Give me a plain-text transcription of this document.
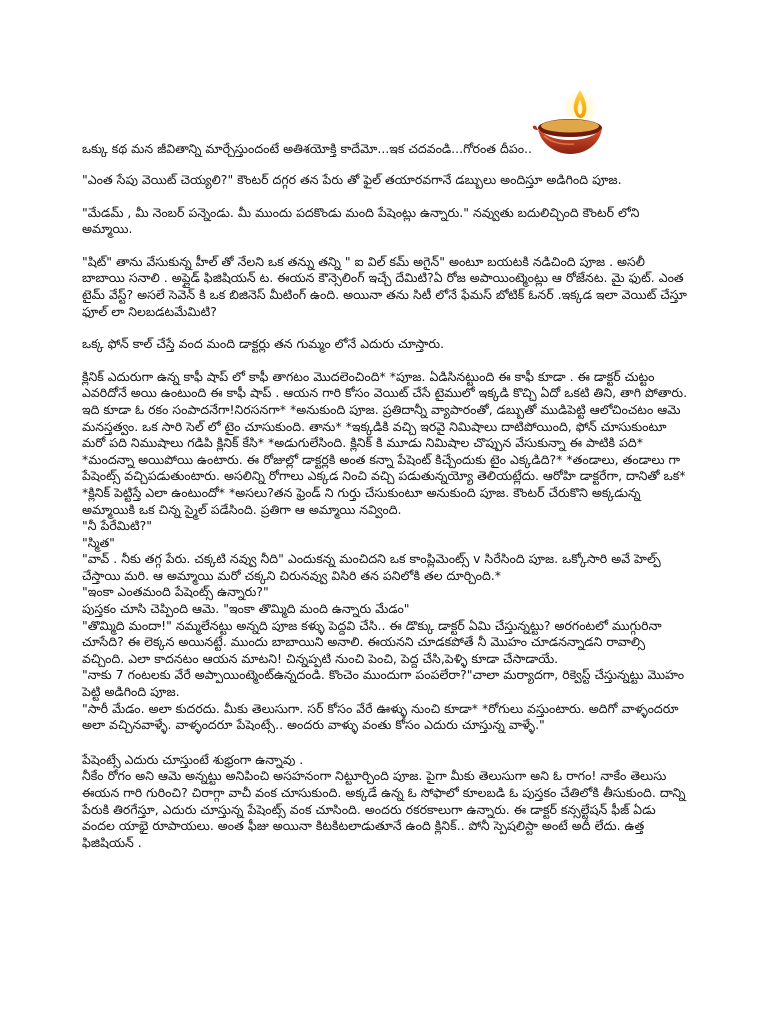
ఒక్కు కథ మన జీవితాన్ని మార్చేస్తుందంటే అతిశయోక్తి కాదేమో...ఇక చదవండి...గోరంత దీపం..

"ఎంత సేపు వెయిట్ చెయ్యలి?" కౌంటర్ దగ్గర తన పేరు తో ఫైల్ తయారవగానే డబ్బులు అందిస్తూ అడిగింది పూజ.

"మేడమ్ , మీ నెంబర్ పన్నెండు. మీ ముందు పదకొండు మంది పేషెంట్లు ఉన్నారు." నవ్వుతు బదులిచ్చింది కౌంటర్ లోని అమ్మాయి.

"షిట్" తాను వేసుకున్న హీల్ తో నేలని ఒక తన్ను తన్ని " ఐ విల్ కమ్ అగైన్" అంటూ బయటకి నడిచింది పూజ . అసలీ బాబాయి సనాలి . అప్లైడ్ ఫిజిషియన్ ట. ఈయన కౌన్సెలింగ్ ఇచ్చే దేమిటి?ఏ రోజ అపాయింట్మెంట్లు ఆ రోజేనట. మై ఫుట్. ఎంత టైమ్ వేస్ట్? అసలే సెవెన్ కి ఒక బిజినెస్ మీటింగ్ ఉంది. అయినా తను సిటీ లోనే ఫేమస్ బోటిక్ ఓనర్ .ఇక్కడ ఇలా వెయిట్ చేస్తూ ఫూల్ లా నిలబడటమేమిటి?

ఒక్క ఫోన్ కాల్ చేస్తే వంద మంది డాక్టర్లు తన గుమ్మం లోనే ఎదురు చూస్తారు.

క్లినిక్ ఎదురుగా ఉన్న కాఫీ షాప్ లో కాఫీ తాగటం మొదలెంచింది* *పూజ. ఏడిసినట్టుంది ఈ కాఫీ కూడా . ఈ డాక్టర్ చుట్టం ఎవరిదోనే అయి ఉంటుంది ఈ కాఫీ షాప్ . ఆయన గారి కోసం వెయిట్ చేసే టైములో ఇక్కడి కొచ్చి ఏదో ఒకటి తిని, తాగి పోతారు. ఇది కూడా ఓ రకం సంపాదనేగా!నిరసనగా* *అనుకుంది పూజ. ప్రతిదాన్నీ వ్యాపారంతో, డబ్బుతో ముడిపెట్టి ఆలోచించటం ఆమె మనస్తత్వం. ఒక సారి సెల్ లో టైం చూసుకుంది. తాను* *ఇక్కడికి వచ్చి ఇరవై నిమిషాలు దాటిపోయింది, ఫోన్ చూసుకుంటూ మరో పది నిముషాలు గడిపి క్లినిక్ కేసి* *అడుగులేసింది. క్లినిక్ కి మూడు నిమిషాల చొప్పున వేసుకున్నా ఈ పాటికి పది* *మందన్నా అయిపోయి ఉంటారు. ఈ రోజుల్లో డాక్టర్లకి అంత కన్నా పేషెంట్ కిచ్చేందుకు టైం ఎక్కడిది?* *తండాలు, తండాలు గా పేషెంట్స్ వచ్చిపడుతుంటారు. అసలిన్ని రోగాలు ఎక్కడ నించి వచ్చి పడుతున్నయ్యో తెలియట్లేదు. ఆరోహి డాక్టరేగా, దానితో ఒక* *క్లినిక్ పెట్టిస్తే ఎలా ఉంటుందో* *అసలు?తన ఫ్రెండ్ ని గుర్తు చేసుకుంటూ అనుకుంది పూజ. కౌంటర్ చేరుకొని అక్కడున్న అమ్మాయికి ఒక చిన్న స్మైల్ పడేసింది. ప్రతిగా ఆ అమ్మాయి నవ్వింది.

"నీ పేరేమిటి?"

"స్మిత"

"వావ్ . నీకు తగ్గ పేరు. చక్కటి నవ్వు నీది" ఎందుకన్న మంచిదని ఒక కాంప్లిమెంట్స్ v సిరేసింది పూజ. ఒక్కోసారి అవే హెల్ప్ చేస్తాయి మరి. ఆ అమ్మాయి మరో చక్కని చిరునవ్వు విసిరి తన పనిలోకి తల దూర్చింది.*

"ఇంకా ఎంతమంది పేషెంట్స్ ఉన్నారు?"

పుస్తకం చూసి చెప్పింది ఆమె. "ఇంకా తొమ్మిది మంది ఉన్నారు మేడం"

"తొమ్మిది మందా!" నమ్మలేనట్టు అన్నది పూజ కళ్ళు పెద్దవి చేసి.. ఈ డొక్కు డాక్టర్ ఏమి చేస్తున్నట్టు? అరగంటలో ముగ్గురినా చూసేది? ఈ లెక్కన అయినట్టే. ముందు బాబాయిని అనాలి. ఈయనని చూడకపోతే నీ మొహం చూడనన్నాడని రావాల్సి వచ్చింది. ఎలా కాదనటం ఆయన మాటని! చిన్నప్పటి నుంచి పెంచి, పెద్ద చేసి,పెళ్ళి కూడా చేసాడాయే.

"నాకు 7 గంటలకు వేరే అప్పాయింట్మెంట్ఉన్నదండి. కొంచెం ముందుగా పంపలేరా?"చాలా మర్యాదగా, రిక్వెస్ట్ చేస్తున్నట్టు మొహం పెట్టి అడిగింది పూజ.

"సారీ మేడం. అలా కుదరదు. మీకు తెలుసుగా. సర్ కోసం వేరే ఊళ్ళు నుంచి కూడా* *రోగులు వస్తుంటారు. అదిగో వాళ్ళందరూ అలా వచ్చినవాళ్ళే. వాళ్ళందరూ పేషెంట్సే.. అందరు వాళ్ళు వంతు కోసం ఎదురు చూస్తున్న వాళ్ళే."

పేషెంట్సే ఎదురు చూస్తుంటే శుభ్రంగా ఉన్నావు .

నీకేం రోగం అని ఆమె అన్నట్టు అనిపించి అసహనంగా నిట్టూర్చింది పూజ. పైగా మీకు తెలుసుగా అని ఓ రాగం! నాకేం తెలుసు ఈయన గారి గురించి? చిరాగ్గా వాచీ వంక చూసుకుంది. అక్కడే ఉన్న ఓ సోఫాలో కూలబడి ఓ పుస్తకం చేతిలోకి తీసుకుంది. దాన్ని పేరుకి తిరగేస్తూ, ఎదురు చూస్తున్న పేషెంట్స్ వంక చూసింది. అందరు రకరకాలుగా ఉన్నారు. ఈ డాక్టర్ కన్సల్టేషన్ ఫీజ్ ఏడు వందల యాభై రూపాయలు. అంత ఫీజు అయినా కిటకిటలాడుతూనే ఉంది క్లినిక్.. పోనీ స్పెషలిస్టా అంటే అదీ లేదు. ఉత్త ఫిజిషియన్ .
